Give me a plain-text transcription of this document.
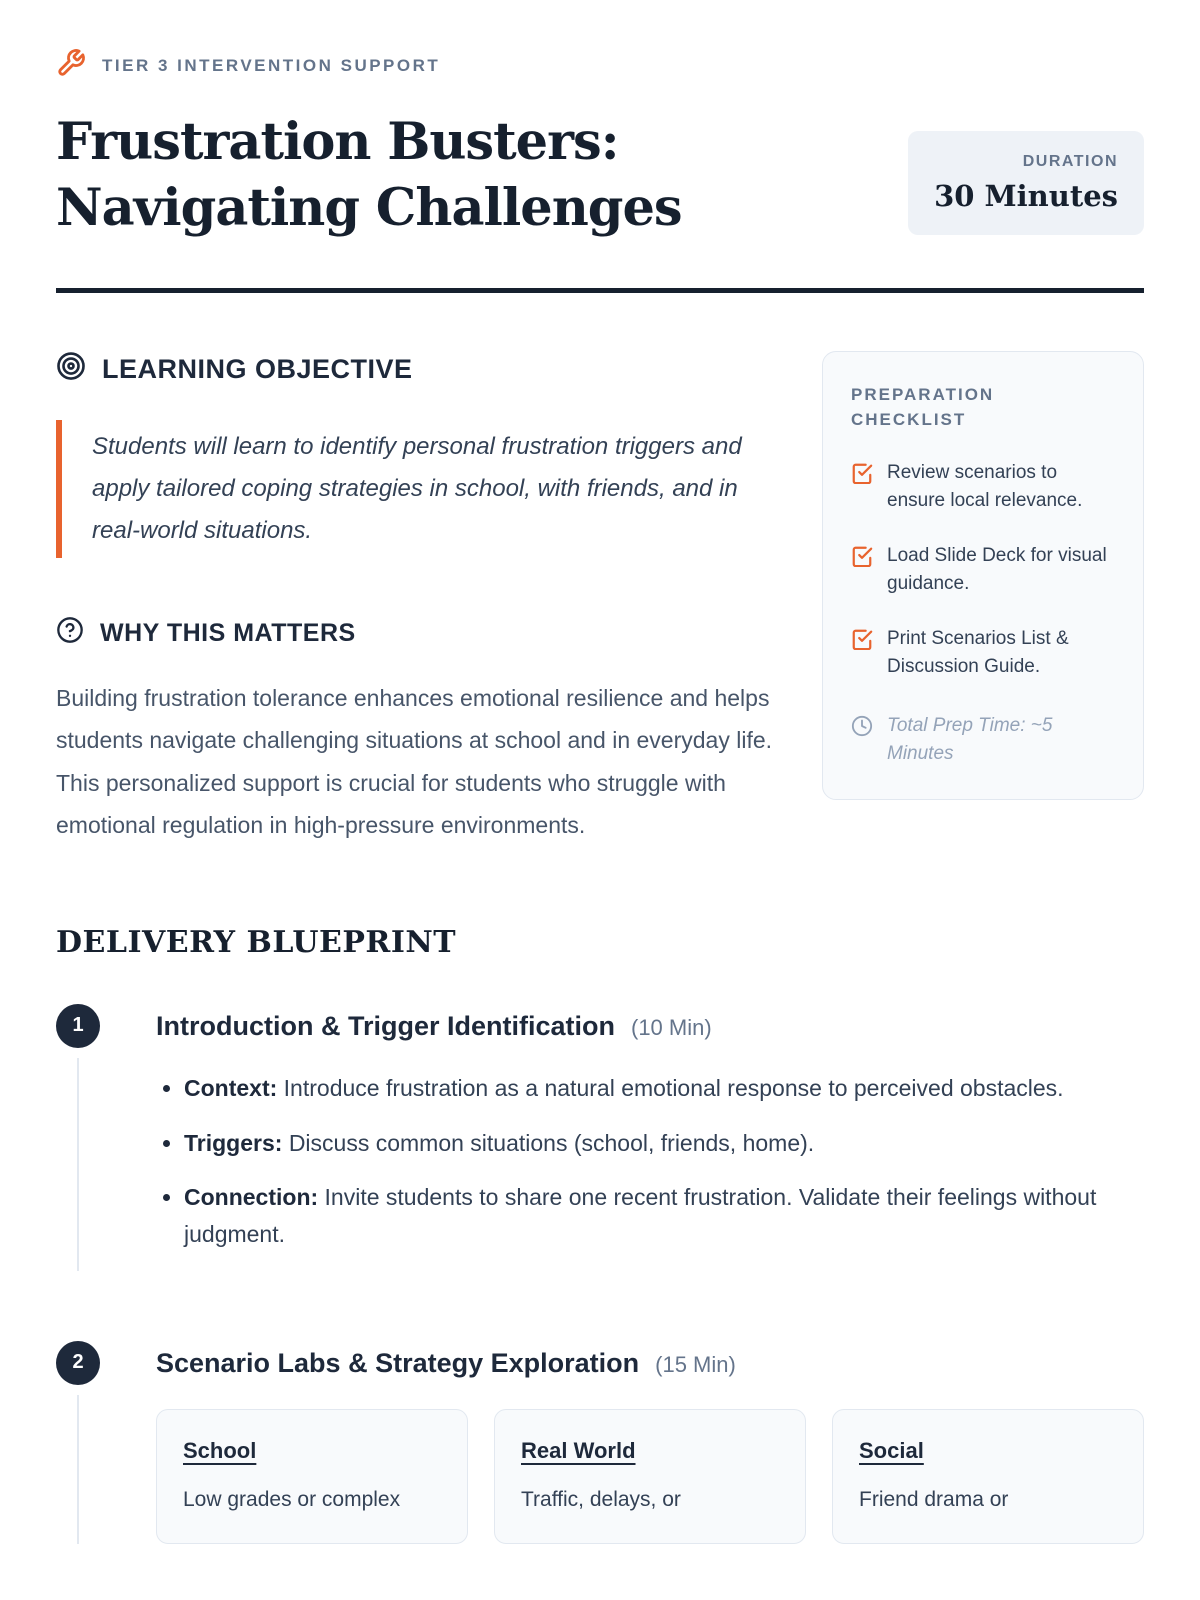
TIER 3 INTERVENTION SUPPORT
Frustration Busters: Navigating Challenges
DURATION
30 Minutes
LEARNING OBJECTIVE
Students will learn to identify personal frustration triggers and apply tailored coping strategies in school, with friends, and in real-world situations.
WHY THIS MATTERS

Building frustration tolerance enhances emotional resilience and helps students navigate challenging situations at school and in everyday life. This personalized support is crucial for students who struggle with emotional regulation in high-pressure environments.

PREPARATION CHECKLIST
Review scenarios to ensure local relevance.
Load Slide Deck for visual guidance.
Print Scenarios List & Discussion Guide.
Total Prep Time: ~5 Minutes
DELIVERY BLUEPRINT
1	Introduction & Trigger Identification (10 Min)
• Context: Introduce frustration as a natural emotional response to perceived obstacles.
• Triggers: Discuss common situations (school, friends, home).
• Connection: Invite students to share one recent frustration. Validate their feelings without judgment.
2	Scenario Labs & Strategy Exploration (15 Min)
School
Low grades or complex
Real World
Traffic, delays, or
Social
Friend drama or
